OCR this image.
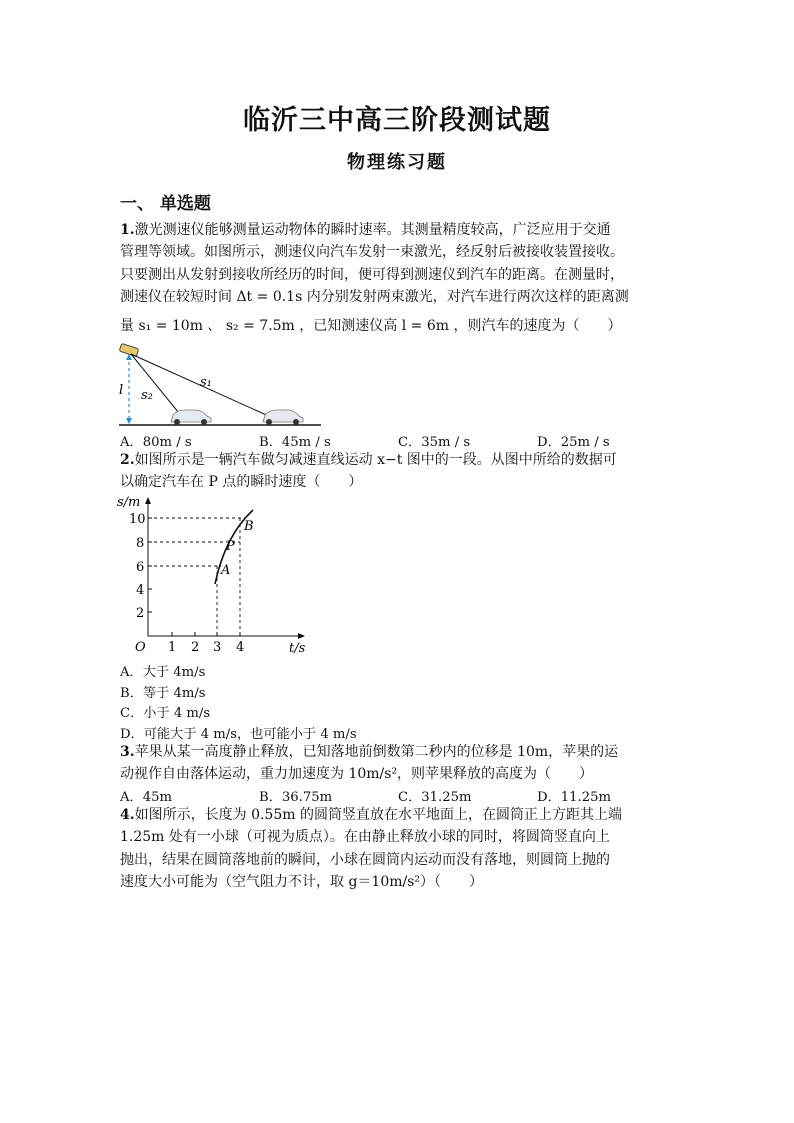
临沂三中高三阶段测试题
物理练习题
一、 单选题
1.激光测速仪能够测量运动物体的瞬时速率。其测量精度较高，广泛应用于交通
管理等领域。如图所示，测速仪向汽车发射一束激光，经反射后被接收装置接收。
只要测出从发射到接收所经历的时间，便可得到测速仪到汽车的距离。在测量时，
测速仪在较短时间 Δt = 0.1s 内分别发射两束激光，对汽车进行两次这样的距离测
量 s₁ = 10m 、 s₂ = 7.5m ，已知测速仪高 l = 6m ，则汽车的速度为（　　）
l
s₁
s₂
A．80m / s	B．45m / s	C．35m / s	D．25m / s
2.如图所示是一辆汽车做匀减速直线运动 x−t 图中的一段。从图中所给的数据可
以确定汽车在 P 点的瞬时速度（　　）
s/m
t/s
O
2
4
6
8
10
1 2 3 4
A
P
B
A．大于 4m/s
B．等于 4m/s
C．小于 4 m/s
D．可能大于 4 m/s，也可能小于 4 m/s
3.苹果从某一高度静止释放，已知落地前倒数第二秒内的位移是 10m，苹果的运
动视作自由落体运动，重力加速度为 10m/s²，则苹果释放的高度为（　　）
A．45m	B．36.75m	C．31.25m	D．11.25m
4.如图所示，长度为 0.55m 的圆筒竖直放在水平地面上，在圆筒正上方距其上端
1.25m 处有一小球（可视为质点）。在由静止释放小球的同时，将圆筒竖直向上
抛出，结果在圆筒落地前的瞬间，小球在圆筒内运动而没有落地，则圆筒上抛的
速度大小可能为（空气阻力不计，取 g＝10m/s²）（　　）
